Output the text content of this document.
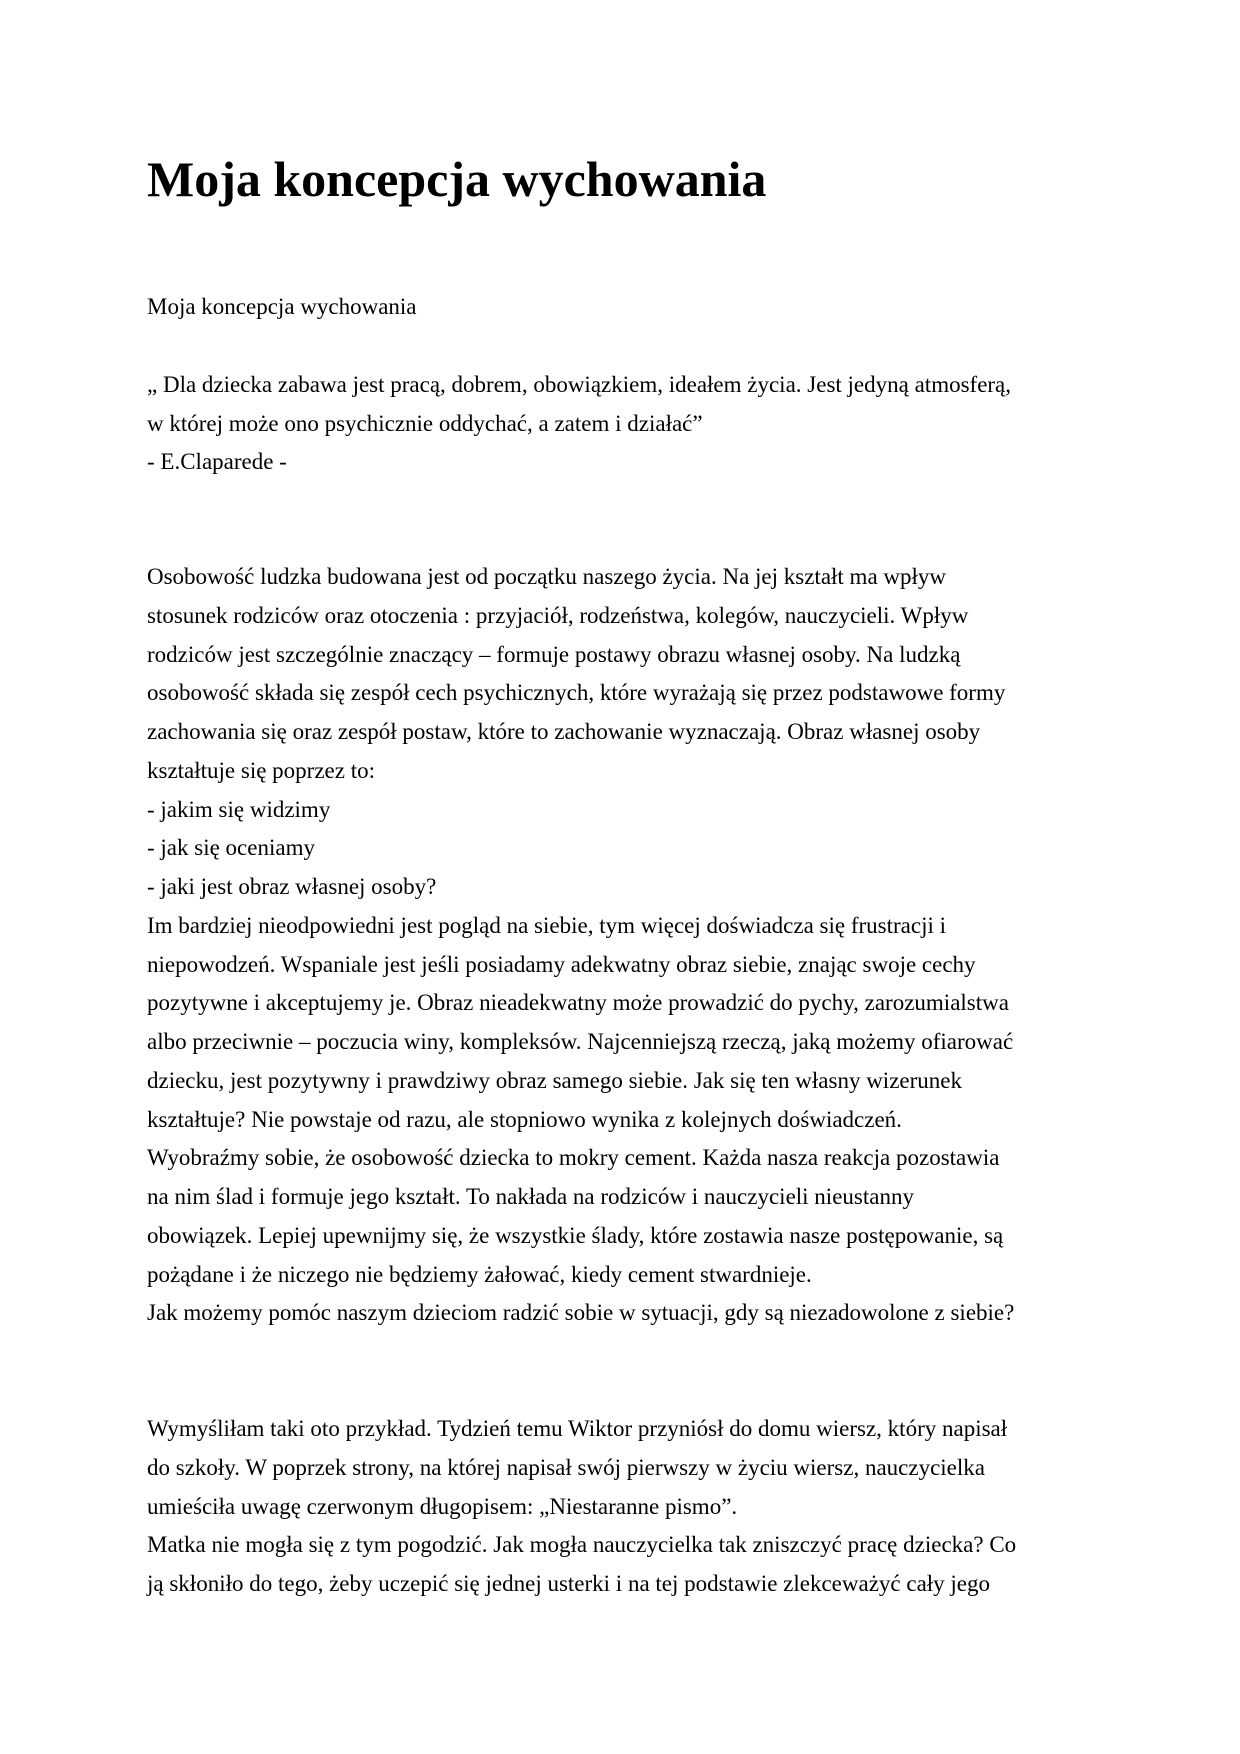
Moja koncepcja wychowania
Moja koncepcja wychowania
„ Dla dziecka zabawa jest pracą, dobrem, obowiązkiem, ideałem życia. Jest jedyną atmosferą,
w której może ono psychicznie oddychać, a zatem i działać”
- E.Claparede -
Osobowość ludzka budowana jest od początku naszego życia. Na jej kształt ma wpływ
stosunek rodziców oraz otoczenia : przyjaciół, rodzeństwa, kolegów, nauczycieli. Wpływ
rodziców jest szczególnie znaczący – formuje postawy obrazu własnej osoby. Na ludzką
osobowość składa się zespół cech psychicznych, które wyrażają się przez podstawowe formy
zachowania się oraz zespół postaw, które to zachowanie wyznaczają. Obraz własnej osoby
kształtuje się poprzez to:
- jakim się widzimy
- jak się oceniamy
- jaki jest obraz własnej osoby?
Im bardziej nieodpowiedni jest pogląd na siebie, tym więcej doświadcza się frustracji i
niepowodzeń. Wspaniale jest jeśli posiadamy adekwatny obraz siebie, znając swoje cechy
pozytywne i akceptujemy je. Obraz nieadekwatny może prowadzić do pychy, zarozumialstwa
albo przeciwnie – poczucia winy, kompleksów. Najcenniejszą rzeczą, jaką możemy ofiarować
dziecku, jest pozytywny i prawdziwy obraz samego siebie. Jak się ten własny wizerunek
kształtuje? Nie powstaje od razu, ale stopniowo wynika z kolejnych doświadczeń.
Wyobraźmy sobie, że osobowość dziecka to mokry cement. Każda nasza reakcja pozostawia
na nim ślad i formuje jego kształt. To nakłada na rodziców i nauczycieli nieustanny
obowiązek. Lepiej upewnijmy się, że wszystkie ślady, które zostawia nasze postępowanie, są
pożądane i że niczego nie będziemy żałować, kiedy cement stwardnieje.
Jak możemy pomóc naszym dzieciom radzić sobie w sytuacji, gdy są niezadowolone z siebie?
Wymyśliłam taki oto przykład. Tydzień temu Wiktor przyniósł do domu wiersz, który napisał
do szkoły. W poprzek strony, na której napisał swój pierwszy w życiu wiersz, nauczycielka
umieściła uwagę czerwonym długopisem: „Niestaranne pismo”.
Matka nie mogła się z tym pogodzić. Jak mogła nauczycielka tak zniszczyć pracę dziecka? Co
ją skłoniło do tego, żeby uczepić się jednej usterki i na tej podstawie zlekceważyć cały jego
